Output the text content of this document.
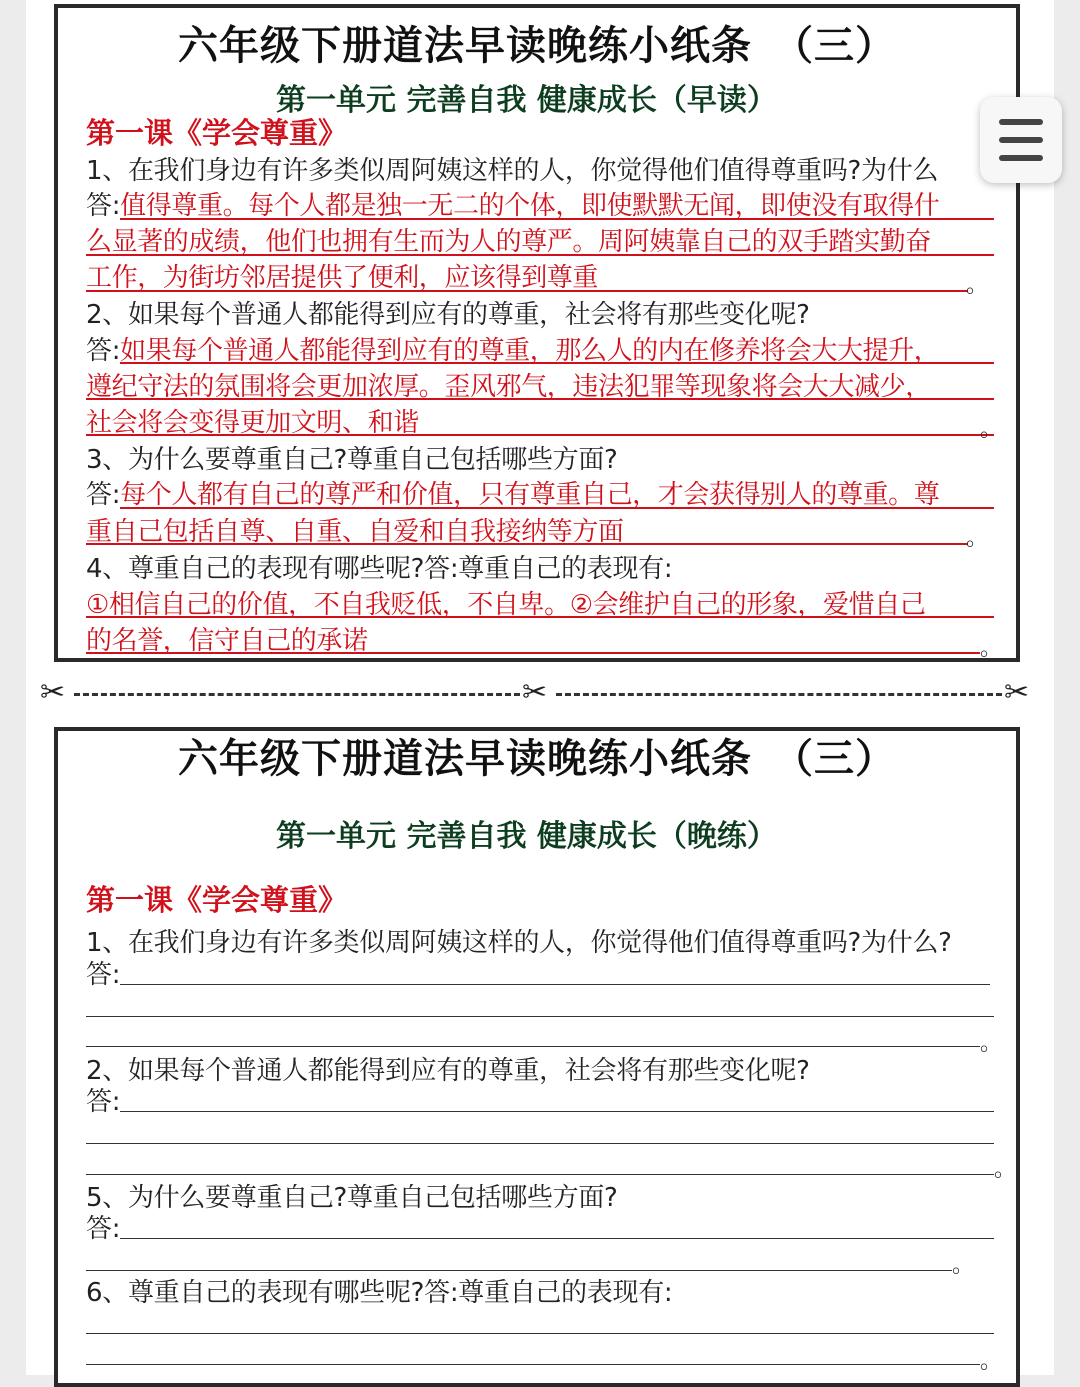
六年级下册道法早读晚练小纸条　（三）
第一单元 完善自我 健康成长（早读）
第一课《学会尊重》
1、在我们身边有许多类似周阿姨这样的人，你觉得他们值得尊重吗?为什么
答:值得尊重。每个人都是独一无二的个体，即使默默无闻，即使没有取得什
么显著的成绩，他们也拥有生而为人的尊严。周阿姨靠自己的双手踏实勤奋
工作，为街坊邻居提供了便利，应该得到尊重	。
2、如果每个普通人都能得到应有的尊重，社会将有那些变化呢?
答:如果每个普通人都能得到应有的尊重，那么人的内在修养将会大大提升，
遵纪守法的氛围将会更加浓厚。歪风邪气，违法犯罪等现象将会大大减少，
社会将会变得更加文明、和谐	。
3、为什么要尊重自己?尊重自己包括哪些方面?
答:每个人都有自己的尊严和价值，只有尊重自己，才会获得别人的尊重。尊
重自己包括自尊、自重、自爱和自我接纳等方面	。
4、尊重自己的表现有哪些呢?答:尊重自己的表现有:
①相信自己的价值，不自我贬低，不自卑。②会维护自己的形象，爱惜自己
的名誉，信守自己的承诺	。
✂	✂	✂
六年级下册道法早读晚练小纸条　（三）
第一单元 完善自我 健康成长（晚练）
第一课《学会尊重》
1、在我们身边有许多类似周阿姨这样的人，你觉得他们值得尊重吗?为什么?
答:
。
2、如果每个普通人都能得到应有的尊重，社会将有那些变化呢?
答:
。
5、为什么要尊重自己?尊重自己包括哪些方面?
答:
。
6、尊重自己的表现有哪些呢?答:尊重自己的表现有:
。
